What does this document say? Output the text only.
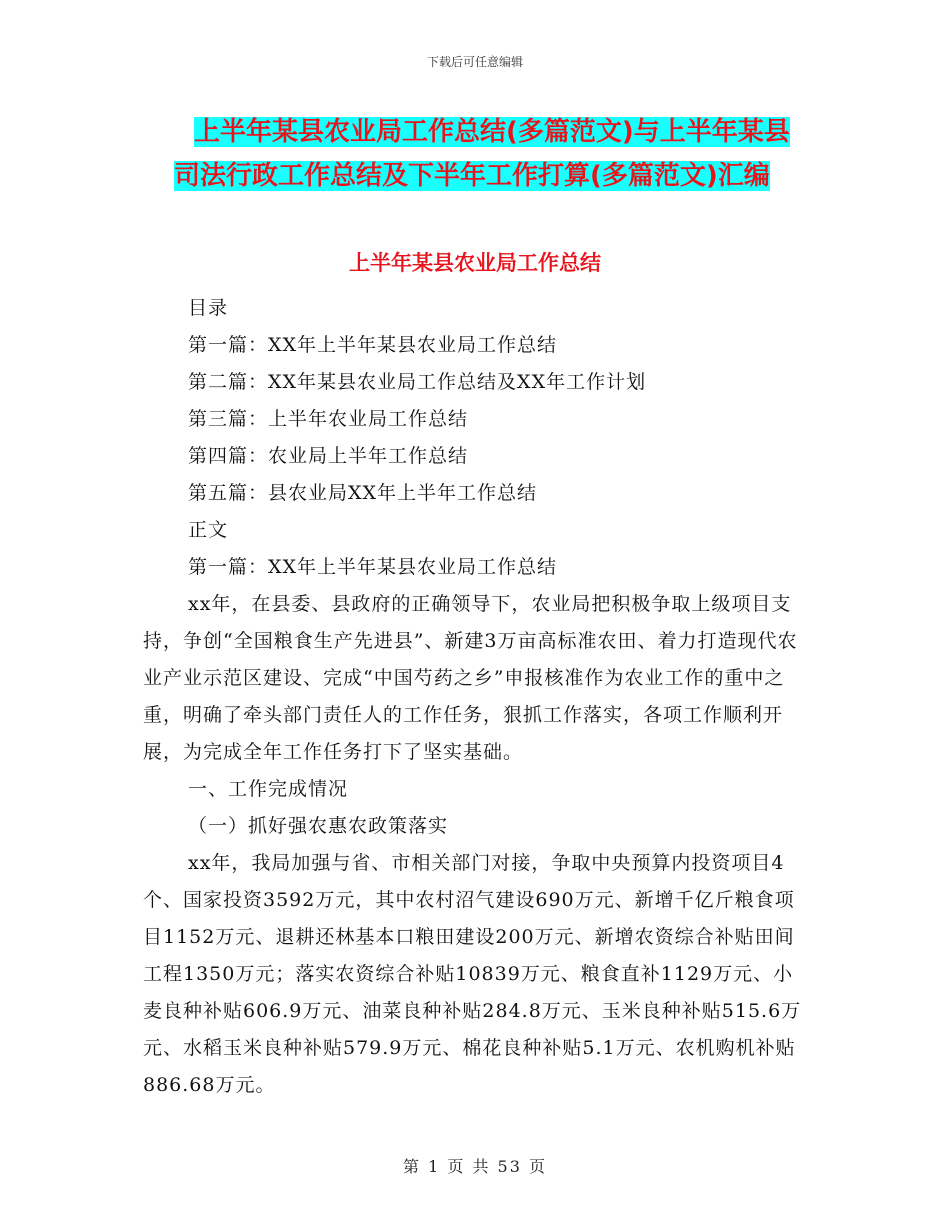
下载后可任意编辑
上半年某县农业局工作总结(多篇范文)与上半年某县
司法行政工作总结及下半年工作打算(多篇范文)汇编
上半年某县农业局工作总结

目录

第一篇：XX年上半年某县农业局工作总结

第二篇：XX年某县农业局工作总结及XX年工作计划

第三篇：上半年农业局工作总结

第四篇：农业局上半年工作总结

第五篇：县农业局XX年上半年工作总结

正文

第一篇：XX年上半年某县农业局工作总结

xx年，在县委、县政府的正确领导下，农业局把积极争取上级项目支持，争创“全国粮食生产先进县”、新建3万亩高标准农田、着力打造现代农业产业示范区建设、完成“中国芍药之乡”申报核准作为农业工作的重中之重，明确了牵头部门责任人的工作任务，狠抓工作落实，各项工作顺利开展，为完成全年工作任务打下了坚实基础。

一、工作完成情况

（一）抓好强农惠农政策落实

xx年，我局加强与省、市相关部门对接，争取中央预算内投资项目4个、国家投资3592万元，其中农村沼气建设690万元、新增千亿斤粮食项目1152万元、退耕还林基本口粮田建设200万元、新增农资综合补贴田间工程1350万元；落实农资综合补贴10839万元、粮食直补1129万元、小麦良种补贴606.9万元、油菜良种补贴284.8万元、玉米良种补贴515.6万元、水稻玉米良种补贴579.9万元、棉花良种补贴5.1万元、农机购机补贴886.68万元。

第 1 页 共 53 页
